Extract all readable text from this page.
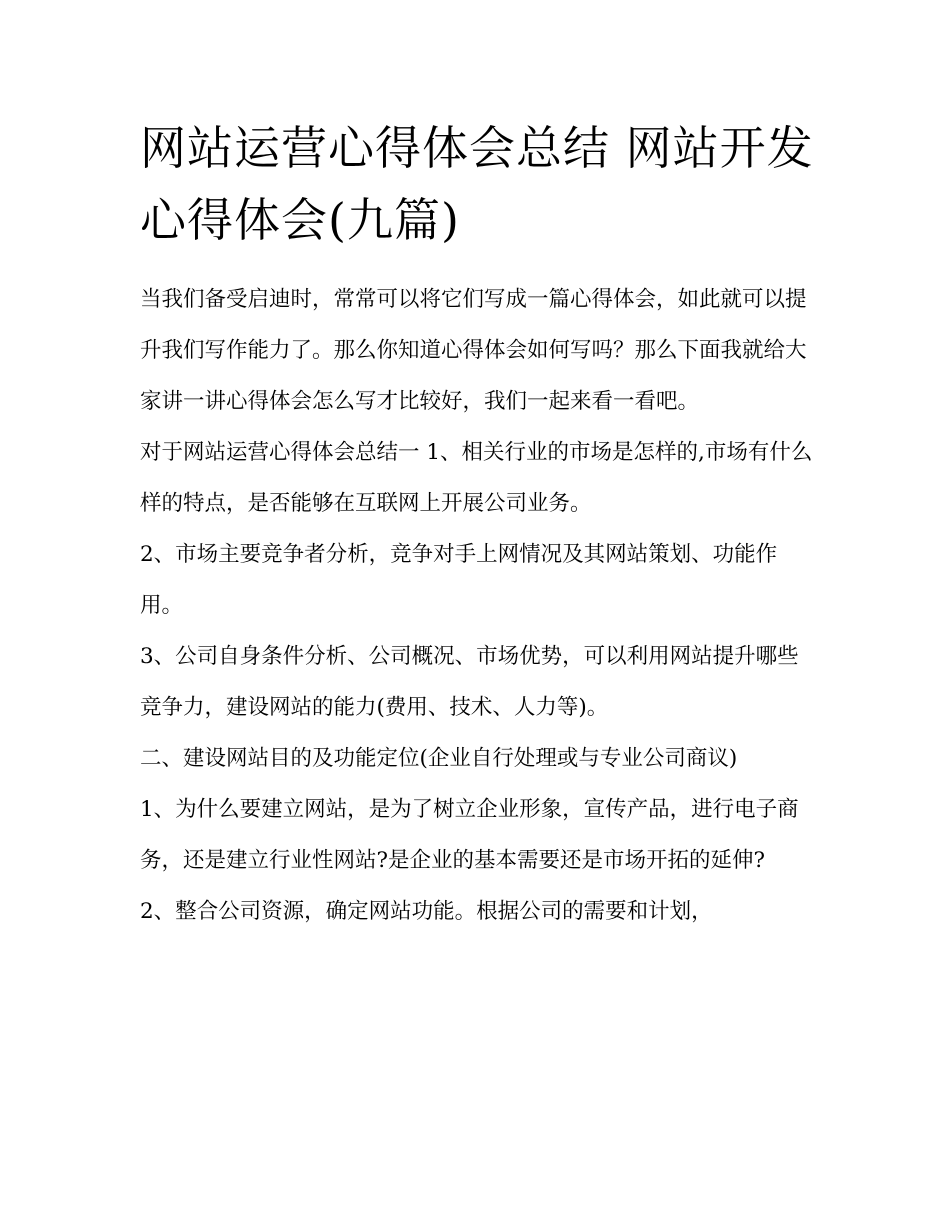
网站运营心得体会总结 网站开发心得体会(九篇)

当我们备受启迪时，常常可以将它们写成一篇心得体会，如此就可以提升我们写作能力了。那么你知道心得体会如何写吗？那么下面我就给大家讲一讲心得体会怎么写才比较好，我们一起来看一看吧。

对于网站运营心得体会总结一 1、相关行业的市场是怎样的,市场有什么样的特点，是否能够在互联网上开展公司业务。

2、市场主要竞争者分析，竞争对手上网情况及其网站策划、功能作用。

3、公司自身条件分析、公司概况、市场优势，可以利用网站提升哪些竞争力，建设网站的能力(费用、技术、人力等)。

二、建设网站目的及功能定位(企业自行处理或与专业公司商议)

1、为什么要建立网站，是为了树立企业形象，宣传产品，进行电子商务，还是建立行业性网站?是企业的基本需要还是市场开拓的延伸?

2、整合公司资源，确定网站功能。根据公司的需要和计划，
